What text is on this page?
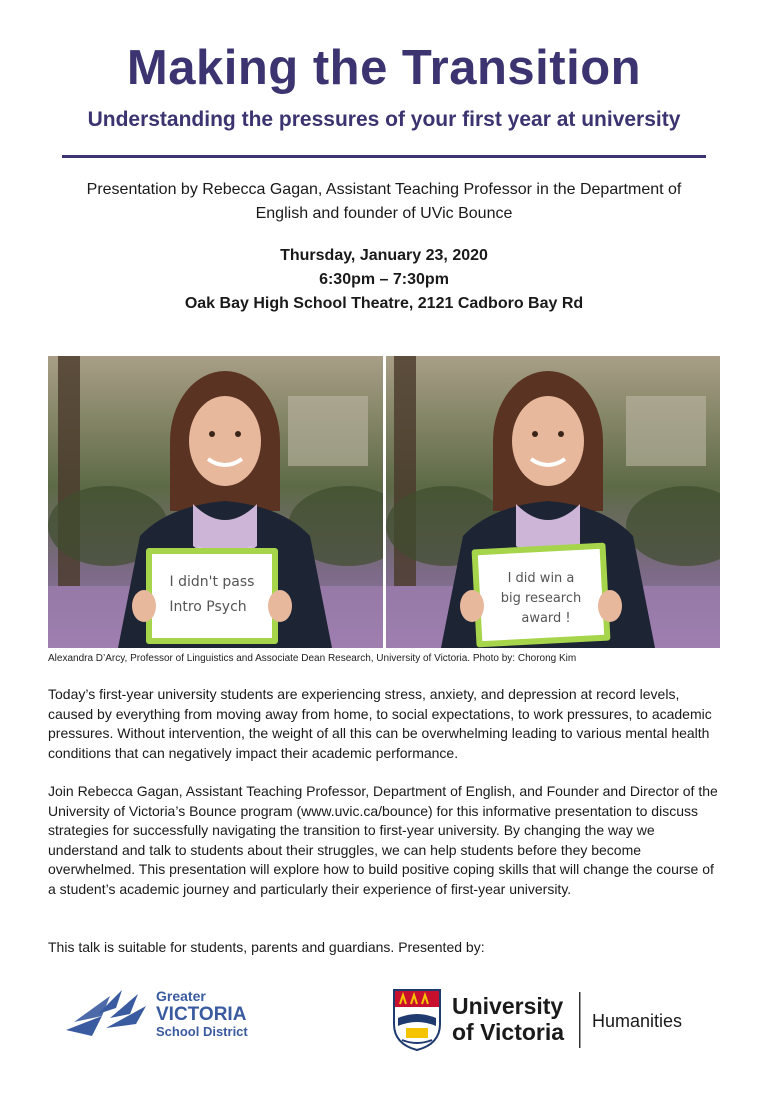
Making the Transition
Understanding the pressures of your first year at university
Presentation by Rebecca Gagan, Assistant Teaching Professor in the Department of
English and founder of UVic Bounce
Thursday, January 23, 2020
6:30pm – 7:30pm
Oak Bay High School Theatre, 2121 Cadboro Bay Rd
I didn't pass
Intro Psych
I did win a
big research
award !
Alexandra D’Arcy, Professor of Linguistics and Associate Dean Research, University of Victoria. Photo by: Chorong Kim

Today’s first-year university students are experiencing stress, anxiety, and depression at record levels, caused by everything from moving away from home, to social expectations, to work pressures, to academic pressures. Without intervention, the weight of all this can be overwhelming leading to various mental health conditions that can negatively impact their academic performance.

Join Rebecca Gagan, Assistant Teaching Professor, Department of English, and Founder and Director of the University of Victoria’s Bounce program (www.uvic.ca/bounce) for this informative presentation to discuss strategies for successfully navigating the transition to first-year university. By changing the way we understand and talk to students about their struggles, we can help students before they become overwhelmed. This presentation will explore how to build positive coping skills that will change the course of a student’s academic journey and particularly their experience of first-year university.

This talk is suitable for students, parents and guardians. Presented by:

Greater
VICTORIA
School District
University
of Victoria Humanities
